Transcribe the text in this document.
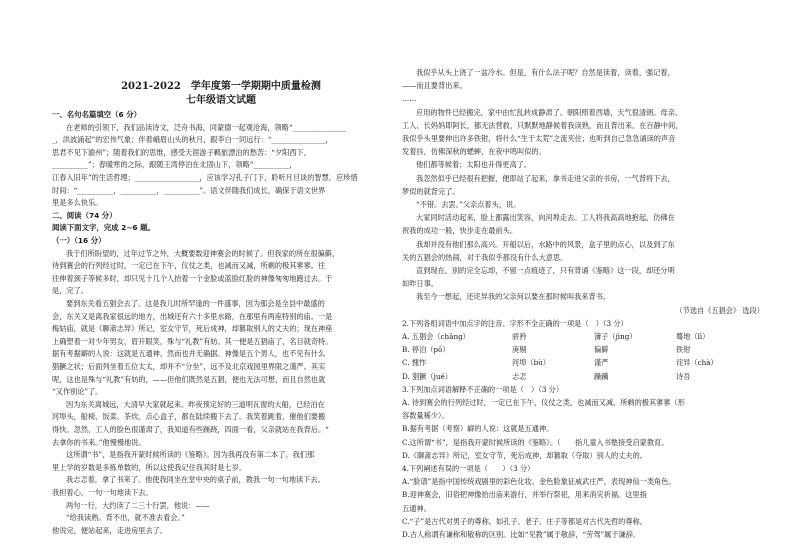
2021-2022　学年度第一学期期中质量检测
七年级语文试题
一、名句名篇填空（6 分）
在老师的引领下，我们品读诗文，泛舟书海，同蒙德一起观沧海，领略“_______________
_，洪波涌起”的宏伟气象；伴着峨眉山头的秋月，跟李白一同远行：“_______________，
思君不见下渝州”；随着我们的思维，感受天涯游子羁旅漂泊的愁苦：“夕阳西下，
__________”；春暖寒的之际，跟随王湾停泊在北固山下，领略“__________，
江春入旧年”的生活哲理；__________________，应该学习孔子门下，聆听月旦谈的智慧，应珍惜
时间：“__________，__________，__________”。语文伴随我们成长，确保于语文世界
里是多么快乐。
二、阅读（74 分）
阅读下面文字，完成 2~6 题。
（一）（16 分）
我于们所盼望的，过年过节之外，大概要数迎神赛会的时候了。但我家的所在很偏僻，
待到赛会的行列经过时，一定已在下午，仪仗之类，也减而又减，所剩的极其寥寥。往
往伸着颈子等候多时，却只见十几个人抬着一个金脸或蓝脸红脸的神像匆匆地跑过去。于
是，完了。
要到东关看五猖会去了。这是我儿时所罕逢的一件盛事，因为那会是全县中最盛的
会，东关又是离我家很远的地方，出城还有六十多里水路，在那里有两座特别的庙。一是
梅姑庙，就是《聊斋志异》所记，室女守节，死后成神，却篡取别人的丈夫的；现在神座
上确塑着一对少年男女，眉开眼笑，殊与“礼教”有妨。其一便是五猖庙了，名目就奇特。
据有考据癖的人说：这就是五通神。然而也并无确据。神像是五个男人，也不见有什么
猖獗之状；后面列坐着五位太太，却并不“分坐”，远不及北京戏园里界限之谨严。其实
呢，这也是殊与“礼教”有妨的，——但他们既然是五猖，便也无法可想，而且自然也就
“又作别论”了。
因为东关离城远，大清早大家就起来。昨夜预定好的三道明瓦窗的大船，已经泊在
河埠头，船椅、饭菜、茶炊、点心盒子，都在陆续搬下去了。我笑着跳着，催他们要搬
得快。忽然，工人的脸色很谨肃了，我知道有些蹊跷，四面一看，父亲就站在我背后。“
去拿你的书来。”他慢慢地说。
这所谓“书”，是指我开蒙时候所读的《鉴略》。因为我再没有第二本了。我们那
里上学的岁数是多拣单数的，所以这使我记住我其时是七岁。
我忐忑着，拿了书来了。他使我同坐在堂中央的桌子前，教我一句一句地读下去。
我担着心，一句一句地读下去。
两句一行，大约读了二三十行罢，他说：——
“给我读熟。背不出，就不准去看会。”
他说完，便站起来，走进房里去了。
我似乎从头上浇了一盆冷水。但是，有什么法子呢？自然是读着，读着，强记着，
——而且要背出来。
……
应用的物件已经搬完，家中由忙乱转成静肃了。朝阳照着西墙，天气很清朗。母亲、
工人、长妈妈即阿长，都无法营救，只默默地静候着我读熟，而且背出来。在百静中间，
我似乎头里要伸出许多铁钳，将什么“生于太荒”之流夹住；也听到自己急急诵读的声音
发着抖，仿佛深秋的蟋蟀，在夜中鸣叫似的。
他们都等候着；太阳也升得更高了。
我忽然似乎已经很有把握，便即站了起来，拿书走进父亲的书房，一气背将下去，
梦似的就背完了。
“不错。去罢。”父亲点着头，说。
大家同时活动起来，脸上都露出笑容，向河埠走去。工人将我高高地抱起，仿佛在
祝我的成功一般，快步走在最前头。
我却并没有他们那么高兴。开船以后，水路中的风景，盒子里的点心，以及到了东
关的五猖会的热闹，对于我似乎都没有什么大意思。
直到现在，别的完全忘却，不留一点痕迹了，只有背诵《鉴略》这一段，却还分明
如昨日事。
我至今一想起，还诧异我的父亲何以要在那时候叫我来背书。
（节选自《五猖会》 选段）
2.下列各组词语中加点字的注音、字形不全正确的一项是（　）（3 分）
A. 五猖会（chāng）	骄矜	簿子（jìng）	蓦地（lì）
B. 停泊（pō）	庚剔	偏僻	铁钳
C. 愧怍	河埠（bù）	谨严	诧异（chà）
D. 猖獗（jué）	忐忑	躁躏	诗吾
3.下列加点词语解释不正确的一项是（　）（3 分）
A. 待到赛会的行列经过时，一定已在下午，仪仗之类，也减而又减，所剩的极其寥寥（形
容数量稀少）。
B.据有考据（考察）癖的人说：这就是五通神。
C.这所谓“书”，是指我开蒙时候所读的《鉴略》。（　　指儿童入书塾接受启蒙教育。
D.《聊斋志异》所记，室女守节，死后成神，却篡取（夺取）别人的丈夫的。
4.下列阐述有误的一项是（　　）（3 分）
A.“脸谱”是指中国传统戏剧里的彩色化妆。金色脸象征威武庄严，表现神仙一类角色。
B.迎神赛会，旧俗把神像抬出庙来游行，并举行祭祀，用来消灾祈福。这里指
五通神。
C.“子”是古代对男子的尊称。如孔子、老子、庄子等都是对古代先哲的尊称。
D.古人称谓有谦称和敬称的区别。比如“见教”属于敬辞，“劳驾”属于谦辞。
